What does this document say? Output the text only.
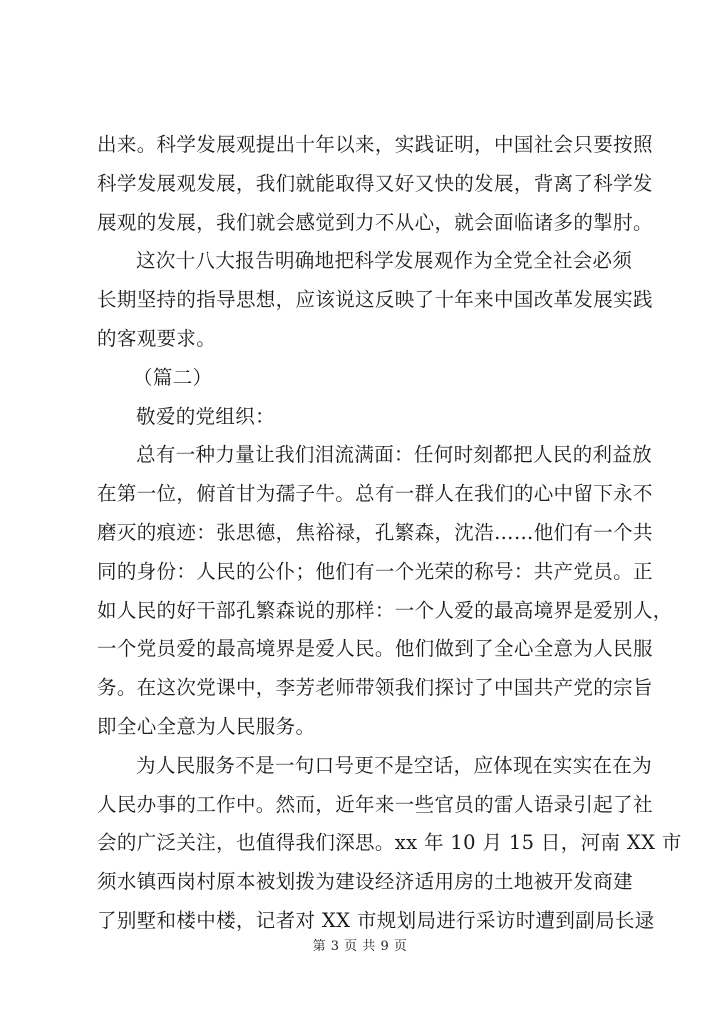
出来。科学发展观提出十年以来，实践证明，中国社会只要按照
科学发展观发展，我们就能取得又好又快的发展，背离了科学发
展观的发展，我们就会感觉到力不从心，就会面临诸多的掣肘。
这次十八大报告明确地把科学发展观作为全党全社会必须
长期坚持的指导思想，应该说这反映了十年来中国改革发展实践
的客观要求。
（篇二）
敬爱的党组织：
总有一种力量让我们泪流满面：任何时刻都把人民的利益放
在第一位，俯首甘为孺子牛。总有一群人在我们的心中留下永不
磨灭的痕迹：张思德，焦裕禄，孔繁森，沈浩……他们有一个共
同的身份：人民的公仆；他们有一个光荣的称号：共产党员。正
如人民的好干部孔繁森说的那样：一个人爱的最高境界是爱别人，
一个党员爱的最高境界是爱人民。他们做到了全心全意为人民服
务。在这次党课中，李芳老师带领我们探讨了中国共产党的宗旨
即全心全意为人民服务。
为人民服务不是一句口号更不是空话，应体现在实实在在为
人民办事的工作中。然而，近年来一些官员的雷人语录引起了社
会的广泛关注，也值得我们深思。xx 年 10 月 15 日，河南 XX 市
须水镇西岗村原本被划拨为建设经济适用房的土地被开发商建
了别墅和楼中楼，记者对 XX 市规划局进行采访时遭到副局长逯
第 3 页 共 9 页
